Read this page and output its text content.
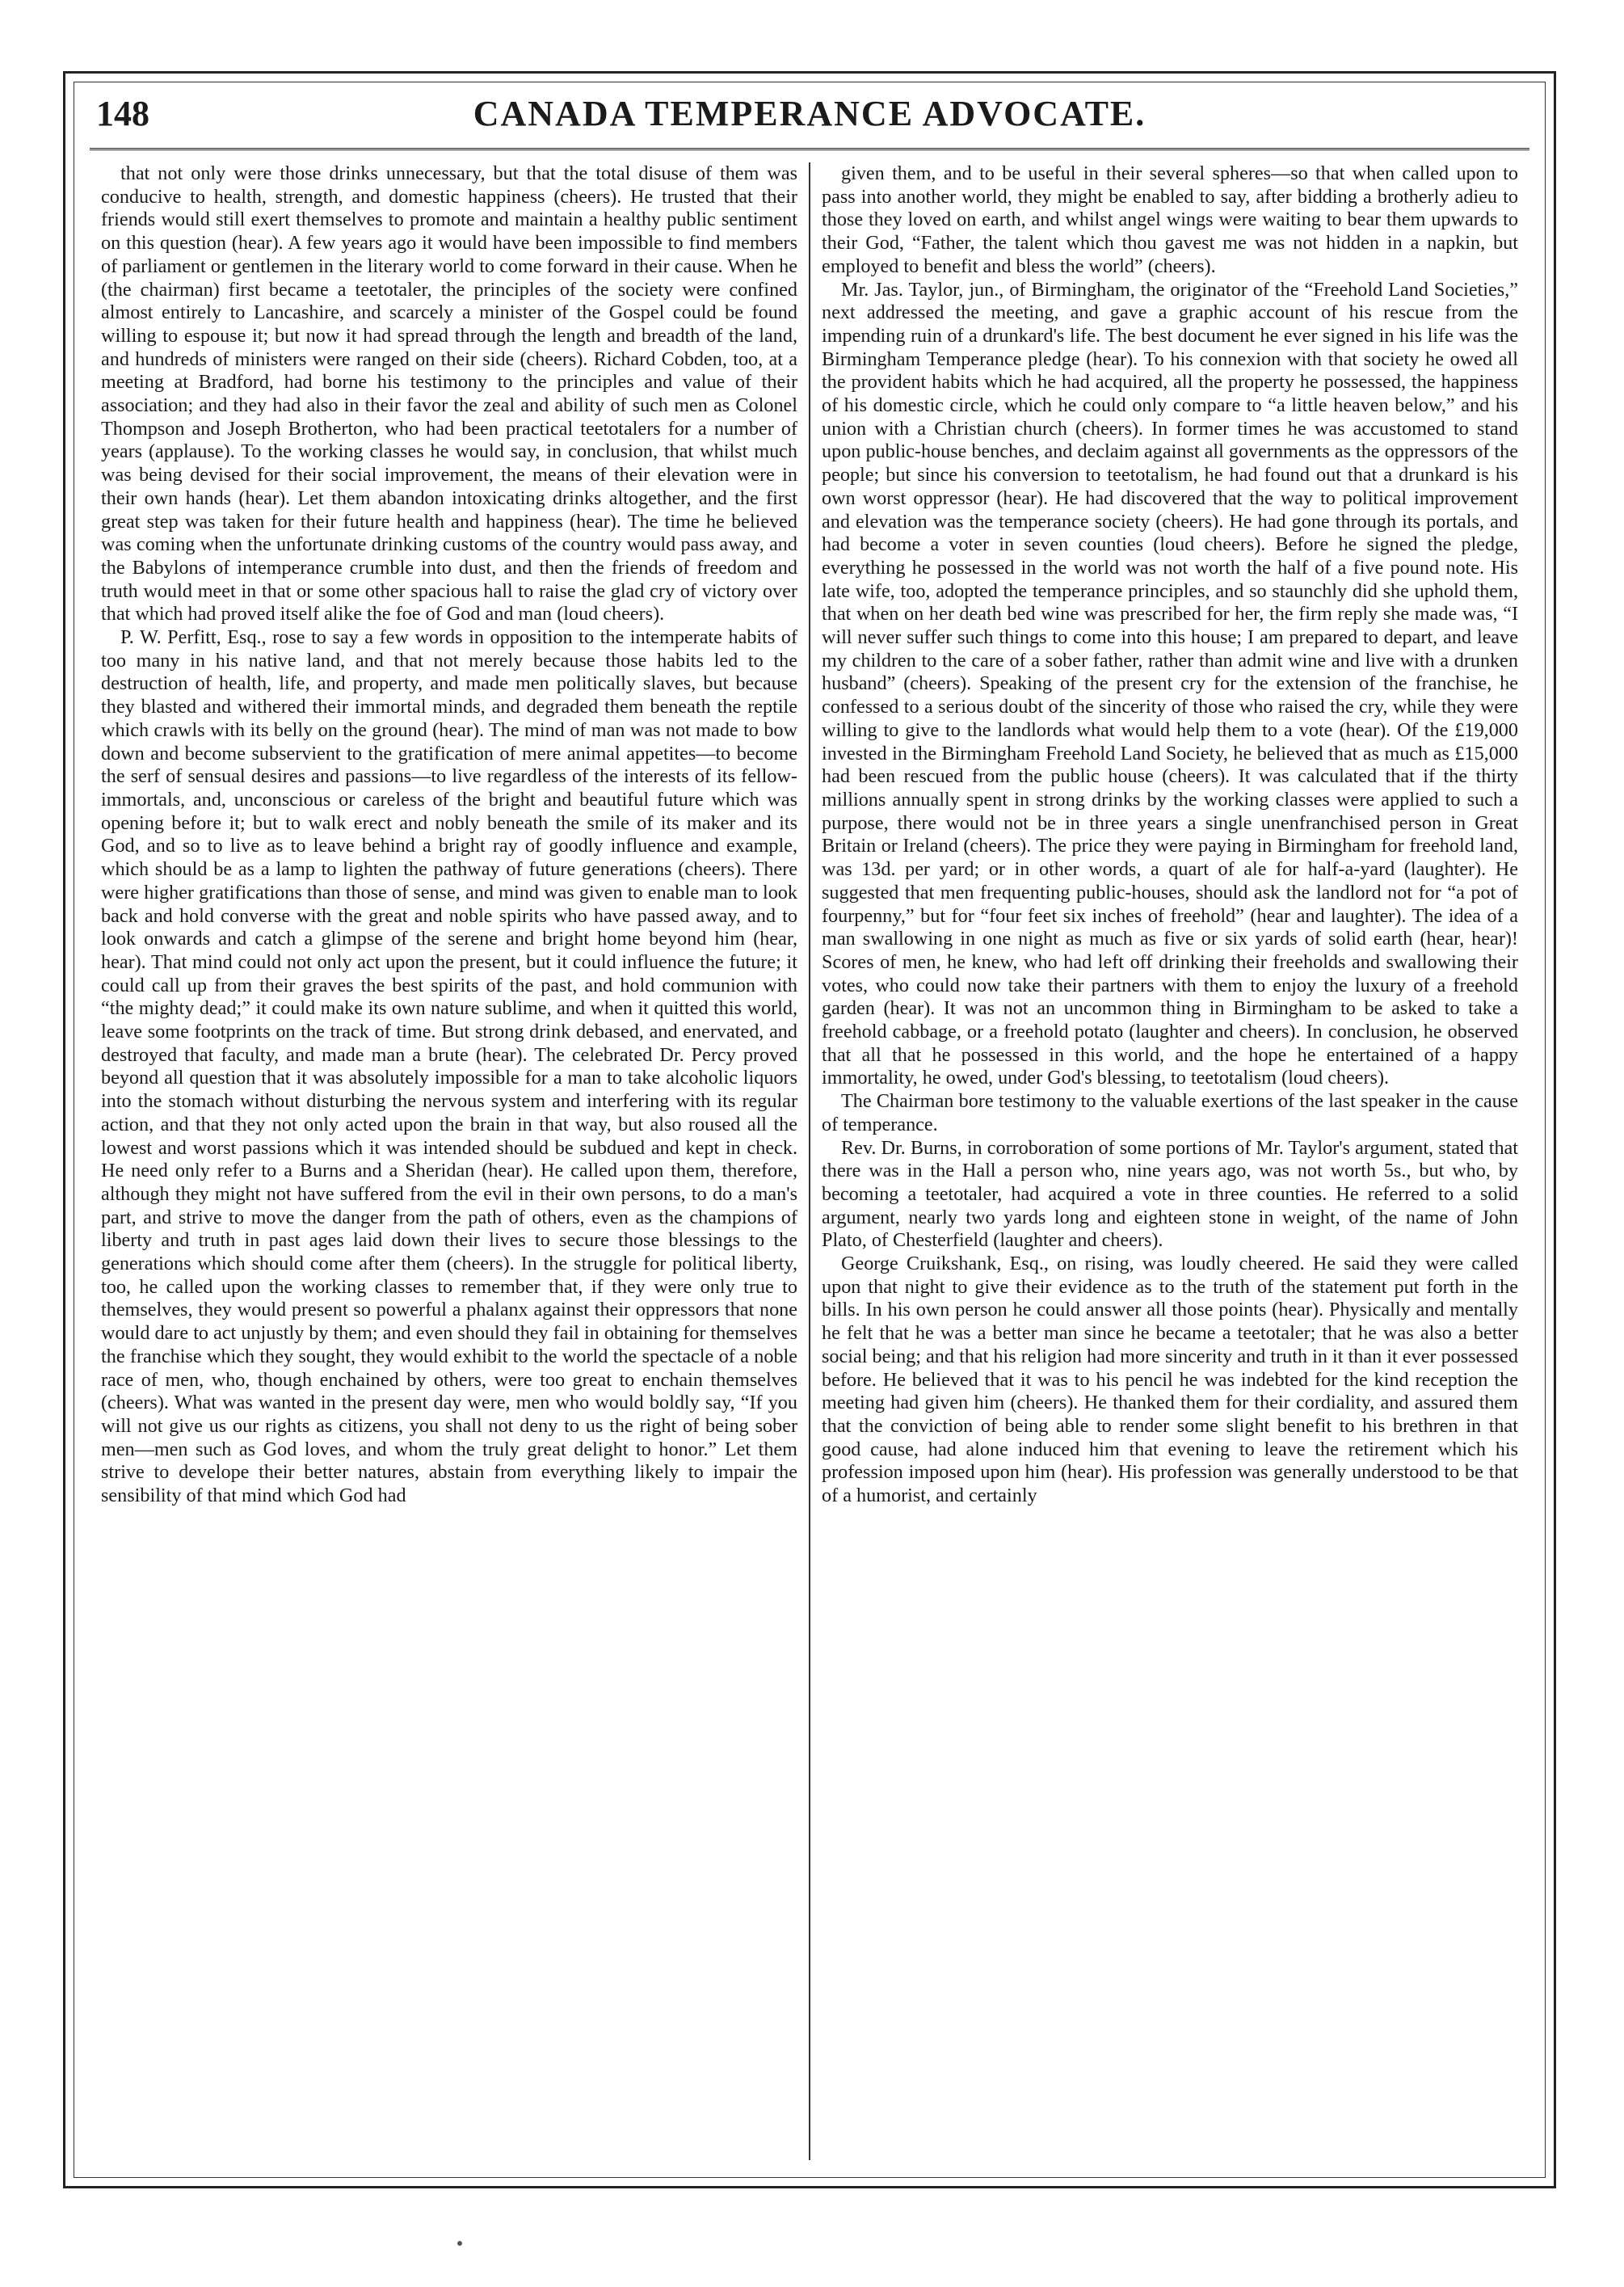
148	CANADA TEMPERANCE ADVOCATE.

that not only were those drinks unnecessary, but that the total disuse of them was conducive to health, strength, and domestic happiness (cheers). He trusted that their friends would still exert themselves to promote and maintain a healthy public sentiment on this question (hear). A few years ago it would have been impossible to find members of parliament or gentlemen in the literary world to come forward in their cause. When he (the chairman) first became a teetotaler, the principles of the society were confined almost entirely to Lancashire, and scarcely a minister of the Gospel could be found willing to espouse it; but now it had spread through the length and breadth of the land, and hundreds of ministers were ranged on their side (cheers). Richard Cobden, too, at a meeting at Bradford, had borne his testimony to the principles and value of their association; and they had also in their favor the zeal and ability of such men as Colonel Thompson and Joseph Brotherton, who had been practical teetotalers for a number of years (applause). To the working classes he would say, in conclusion, that whilst much was being devised for their social improvement, the means of their elevation were in their own hands (hear). Let them abandon intoxicating drinks altogether, and the first great step was taken for their future health and happiness (hear). The time he believed was coming when the unfortunate drinking customs of the country would pass away, and the Babylons of intemperance crumble into dust, and then the friends of freedom and truth would meet in that or some other spacious hall to raise the glad cry of victory over that which had proved itself alike the foe of God and man (loud cheers).

P. W. Perfitt, Esq., rose to say a few words in opposition to the intemperate habits of too many in his native land, and that not merely because those habits led to the destruction of health, life, and property, and made men politically slaves, but because they blasted and withered their immortal minds, and degraded them beneath the reptile which crawls with its belly on the ground (hear). The mind of man was not made to bow down and become subservient to the gratification of mere animal appetites—to become the serf of sensual desires and passions—to live regardless of the interests of its fellow-immortals, and, unconscious or careless of the bright and beautiful future which was opening before it; but to walk erect and nobly beneath the smile of its maker and its God, and so to live as to leave behind a bright ray of goodly influence and example, which should be as a lamp to lighten the pathway of future generations (cheers). There were higher gratifications than those of sense, and mind was given to enable man to look back and hold converse with the great and noble spirits who have passed away, and to look onwards and catch a glimpse of the serene and bright home beyond him (hear, hear). That mind could not only act upon the present, but it could influence the future; it could call up from their graves the best spirits of the past, and hold communion with “the mighty dead;” it could make its own nature sublime, and when it quitted this world, leave some footprints on the track of time. But strong drink debased, and enervated, and destroyed that faculty, and made man a brute (hear). The celebrated Dr. Percy proved beyond all question that it was absolutely impossible for a man to take alcoholic liquors into the stomach without disturbing the nervous system and interfering with its regular action, and that they not only acted upon the brain in that way, but also roused all the lowest and worst passions which it was intended should be subdued and kept in check. He need only refer to a Burns and a Sheridan (hear). He called upon them, therefore, although they might not have suffered from the evil in their own persons, to do a man's part, and strive to move the danger from the path of others, even as the champions of liberty and truth in past ages laid down their lives to secure those blessings to the generations which should come after them (cheers). In the struggle for political liberty, too, he called upon the working classes to remember that, if they were only true to themselves, they would present so powerful a phalanx against their oppressors that none would dare to act unjustly by them; and even should they fail in obtaining for themselves the franchise which they sought, they would exhibit to the world the spectacle of a noble race of men, who, though enchained by others, were too great to enchain themselves (cheers). What was wanted in the present day were, men who would boldly say, “If you will not give us our rights as citizens, you shall not deny to us the right of being sober men—men such as God loves, and whom the truly great delight to honor.” Let them strive to develope their better natures, abstain from everything likely to impair the sensibility of that mind which God had

given them, and to be useful in their several spheres—so that when called upon to pass into another world, they might be enabled to say, after bidding a brotherly adieu to those they loved on earth, and whilst angel wings were waiting to bear them upwards to their God, “Father, the talent which thou gavest me was not hidden in a napkin, but employed to benefit and bless the world” (cheers).

Mr. Jas. Taylor, jun., of Birmingham, the originator of the “Freehold Land Societies,” next addressed the meeting, and gave a graphic account of his rescue from the impending ruin of a drunkard's life. The best document he ever signed in his life was the Birmingham Temperance pledge (hear). To his connexion with that society he owed all the provident habits which he had acquired, all the property he possessed, the happiness of his domestic circle, which he could only compare to “a little heaven below,” and his union with a Christian church (cheers). In former times he was accustomed to stand upon public-house benches, and declaim against all governments as the oppressors of the people; but since his conversion to teetotalism, he had found out that a drunkard is his own worst oppressor (hear). He had discovered that the way to political improvement and elevation was the temperance society (cheers). He had gone through its portals, and had become a voter in seven counties (loud cheers). Before he signed the pledge, everything he possessed in the world was not worth the half of a five pound note. His late wife, too, adopted the temperance principles, and so staunchly did she uphold them, that when on her death bed wine was prescribed for her, the firm reply she made was, “I will never suffer such things to come into this house; I am prepared to depart, and leave my children to the care of a sober father, rather than admit wine and live with a drunken husband” (cheers). Speaking of the present cry for the extension of the franchise, he confessed to a serious doubt of the sincerity of those who raised the cry, while they were willing to give to the landlords what would help them to a vote (hear). Of the £19,000 invested in the Birmingham Freehold Land Society, he believed that as much as £15,000 had been rescued from the public house (cheers). It was calculated that if the thirty millions annually spent in strong drinks by the working classes were applied to such a purpose, there would not be in three years a single unenfranchised person in Great Britain or Ireland (cheers). The price they were paying in Birmingham for freehold land, was 13d. per yard; or in other words, a quart of ale for half-a-yard (laughter). He suggested that men frequenting public-houses, should ask the landlord not for “a pot of fourpenny,” but for “four feet six inches of freehold” (hear and laughter). The idea of a man swallowing in one night as much as five or six yards of solid earth (hear, hear)! Scores of men, he knew, who had left off drinking their freeholds and swallowing their votes, who could now take their partners with them to enjoy the luxury of a freehold garden (hear). It was not an uncommon thing in Birmingham to be asked to take a freehold cabbage, or a freehold potato (laughter and cheers). In conclusion, he observed that all that he possessed in this world, and the hope he entertained of a happy immortality, he owed, under God's blessing, to teetotalism (loud cheers).

The Chairman bore testimony to the valuable exertions of the last speaker in the cause of temperance.

Rev. Dr. Burns, in corroboration of some portions of Mr. Taylor's argument, stated that there was in the Hall a person who, nine years ago, was not worth 5s., but who, by becoming a teetotaler, had acquired a vote in three counties. He referred to a solid argument, nearly two yards long and eighteen stone in weight, of the name of John Plato, of Chesterfield (laughter and cheers).

George Cruikshank, Esq., on rising, was loudly cheered. He said they were called upon that night to give their evidence as to the truth of the statement put forth in the bills. In his own person he could answer all those points (hear). Physically and mentally he felt that he was a better man since he became a teetotaler; that he was also a better social being; and that his religion had more sincerity and truth in it than it ever possessed before. He believed that it was to his pencil he was indebted for the kind reception the meeting had given him (cheers). He thanked them for their cordiality, and assured them that the conviction of being able to render some slight benefit to his brethren in that good cause, had alone induced him that evening to leave the retirement which his profession imposed upon him (hear). His profession was generally understood to be that of a humorist, and certainly
